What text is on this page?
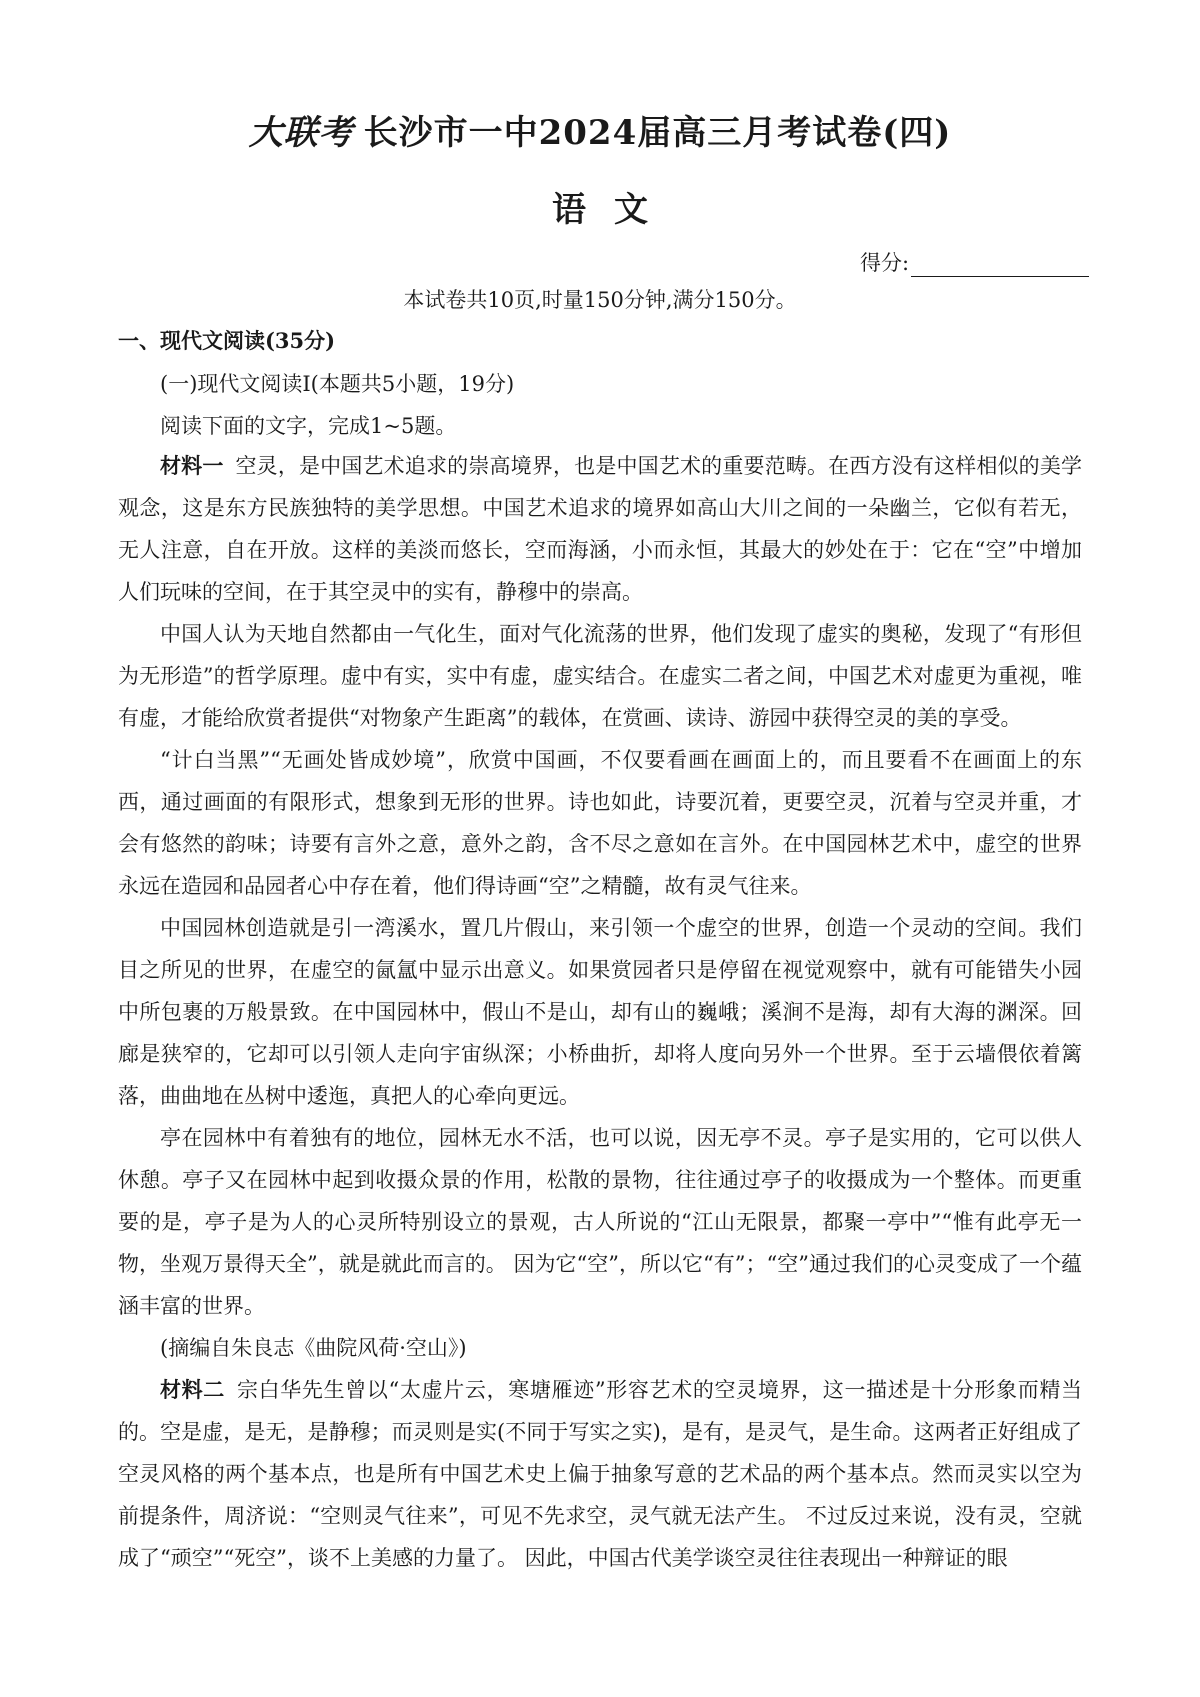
大联考 长沙市一中2024届高三月考试卷(四)
语文
得分:
本试卷共10页,时量150分钟,满分150分。
一、现代文阅读(35分)
(一)现代文阅读Ⅰ(本题共5小题，19分)
阅读下面的文字，完成1~5题。

材料一 空灵，是中国艺术追求的崇高境界，也是中国艺术的重要范畴。在西方没有这样相似的美学观念，这是东方民族独特的美学思想。中国艺术追求的境界如高山大川之间的一朵幽兰，它似有若无，无人注意，自在开放。这样的美淡而悠长，空而海涵，小而永恒，其最大的妙处在于：它在“空”中增加人们玩味的空间，在于其空灵中的实有，静穆中的崇高。

中国人认为天地自然都由一气化生，面对气化流荡的世界，他们发现了虚实的奥秘，发现了“有形但为无形造”的哲学原理。虚中有实，实中有虚，虚实结合。在虚实二者之间，中国艺术对虚更为重视，唯有虚，才能给欣赏者提供“对物象产生距离”的载体，在赏画、读诗、游园中获得空灵的美的享受。

“计白当黑”“无画处皆成妙境”，欣赏中国画，不仅要看画在画面上的，而且要看不在画面上的东西，通过画面的有限形式，想象到无形的世界。诗也如此，诗要沉着，更要空灵，沉着与空灵并重，才会有悠然的韵味；诗要有言外之意，意外之韵，含不尽之意如在言外。在中国园林艺术中，虚空的世界永远在造园和品园者心中存在着，他们得诗画“空”之精髓，故有灵气往来。

中国园林创造就是引一湾溪水，置几片假山，来引领一个虚空的世界，创造一个灵动的空间。我们目之所见的世界，在虚空的氤氲中显示出意义。如果赏园者只是停留在视觉观察中，就有可能错失小园中所包裹的万般景致。在中国园林中，假山不是山，却有山的巍峨；溪涧不是海，却有大海的渊深。回廊是狭窄的，它却可以引领人走向宇宙纵深；小桥曲折，却将人度向另外一个世界。至于云墙偎依着篱落，曲曲地在丛树中逶迤，真把人的心牵向更远。

亭在园林中有着独有的地位，园林无水不活，也可以说，因无亭不灵。亭子是实用的，它可以供人休憩。亭子又在园林中起到收摄众景的作用，松散的景物，往往通过亭子的收摄成为一个整体。而更重要的是，亭子是为人的心灵所特别设立的景观，古人所说的“江山无限景，都聚一亭中”“惟有此亭无一物，坐观万景得天全”，就是就此而言的。 因为它“空”，所以它“有”；“空”通过我们的心灵变成了一个蕴涵丰富的世界。

(摘编自朱良志《曲院风荷·空山》)

材料二 宗白华先生曾以“太虚片云，寒塘雁迹”形容艺术的空灵境界，这一描述是十分形象而精当的。空是虚，是无，是静穆；而灵则是实(不同于写实之实)，是有，是灵气，是生命。这两者正好组成了空灵风格的两个基本点，也是所有中国艺术史上偏于抽象写意的艺术品的两个基本点。然而灵实以空为前提条件，周济说：“空则灵气往来”，可见不先求空，灵气就无法产生。 不过反过来说，没有灵，空就成了“顽空”“死空”，谈不上美感的力量了。 因此，中国古代美学谈空灵往往表现出一种辩证的眼
